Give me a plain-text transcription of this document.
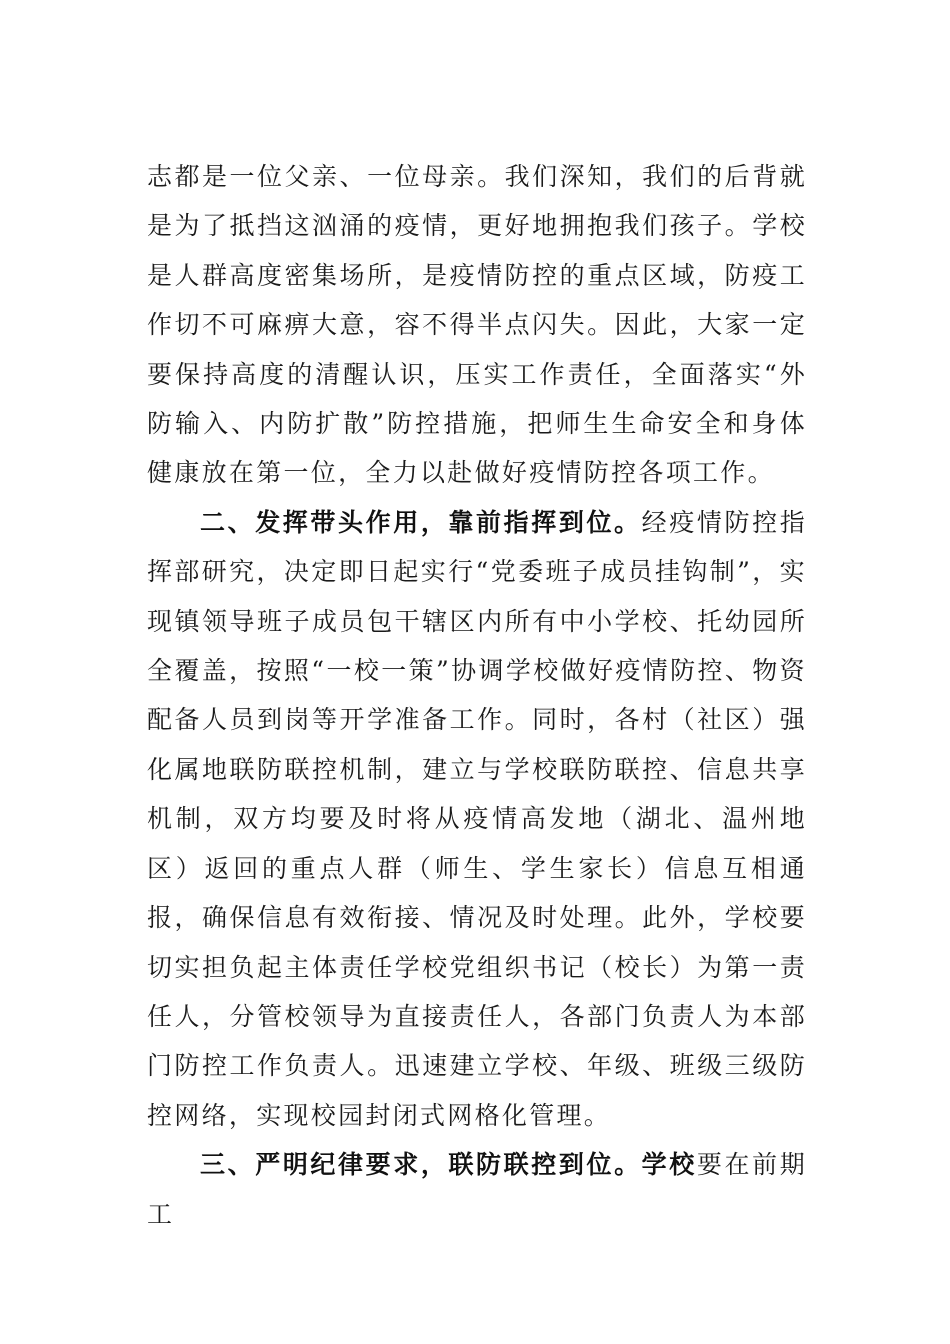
志都是一位父亲、一位母亲。我们深知，我们的后背就是为了抵挡这汹涌的疫情，更好地拥抱我们孩子。学校是人群高度密集场所，是疫情防控的重点区域，防疫工作切不可麻痹大意，容不得半点闪失。因此，大家一定要保持高度的清醒认识，压实工作责任，全面落实“外防输入、内防扩散”防控措施，把师生生命安全和身体健康放在第一位，全力以赴做好疫情防控各项工作。

二、发挥带头作用，靠前指挥到位。经疫情防控指挥部研究，决定即日起实行“党委班子成员挂钩制”，实现镇领导班子成员包干辖区内所有中小学校、托幼园所全覆盖，按照“一校一策”协调学校做好疫情防控、物资配备人员到岗等开学准备工作。同时，各村（社区）强化属地联防联控机制，建立与学校联防联控、信息共享机制，双方均要及时将从疫情高发地（湖北、温州地区）返回的重点人群（师生、学生家长）信息互相通报，确保信息有效衔接、情况及时处理。此外，学校要切实担负起主体责任学校党组织书记（校长）为第一责任人，分管校领导为直接责任人，各部门负责人为本部门防控工作负责人。迅速建立学校、年级、班级三级防控网络，实现校园封闭式网格化管理。

三、严明纪律要求，联防联控到位。学校要在前期工
